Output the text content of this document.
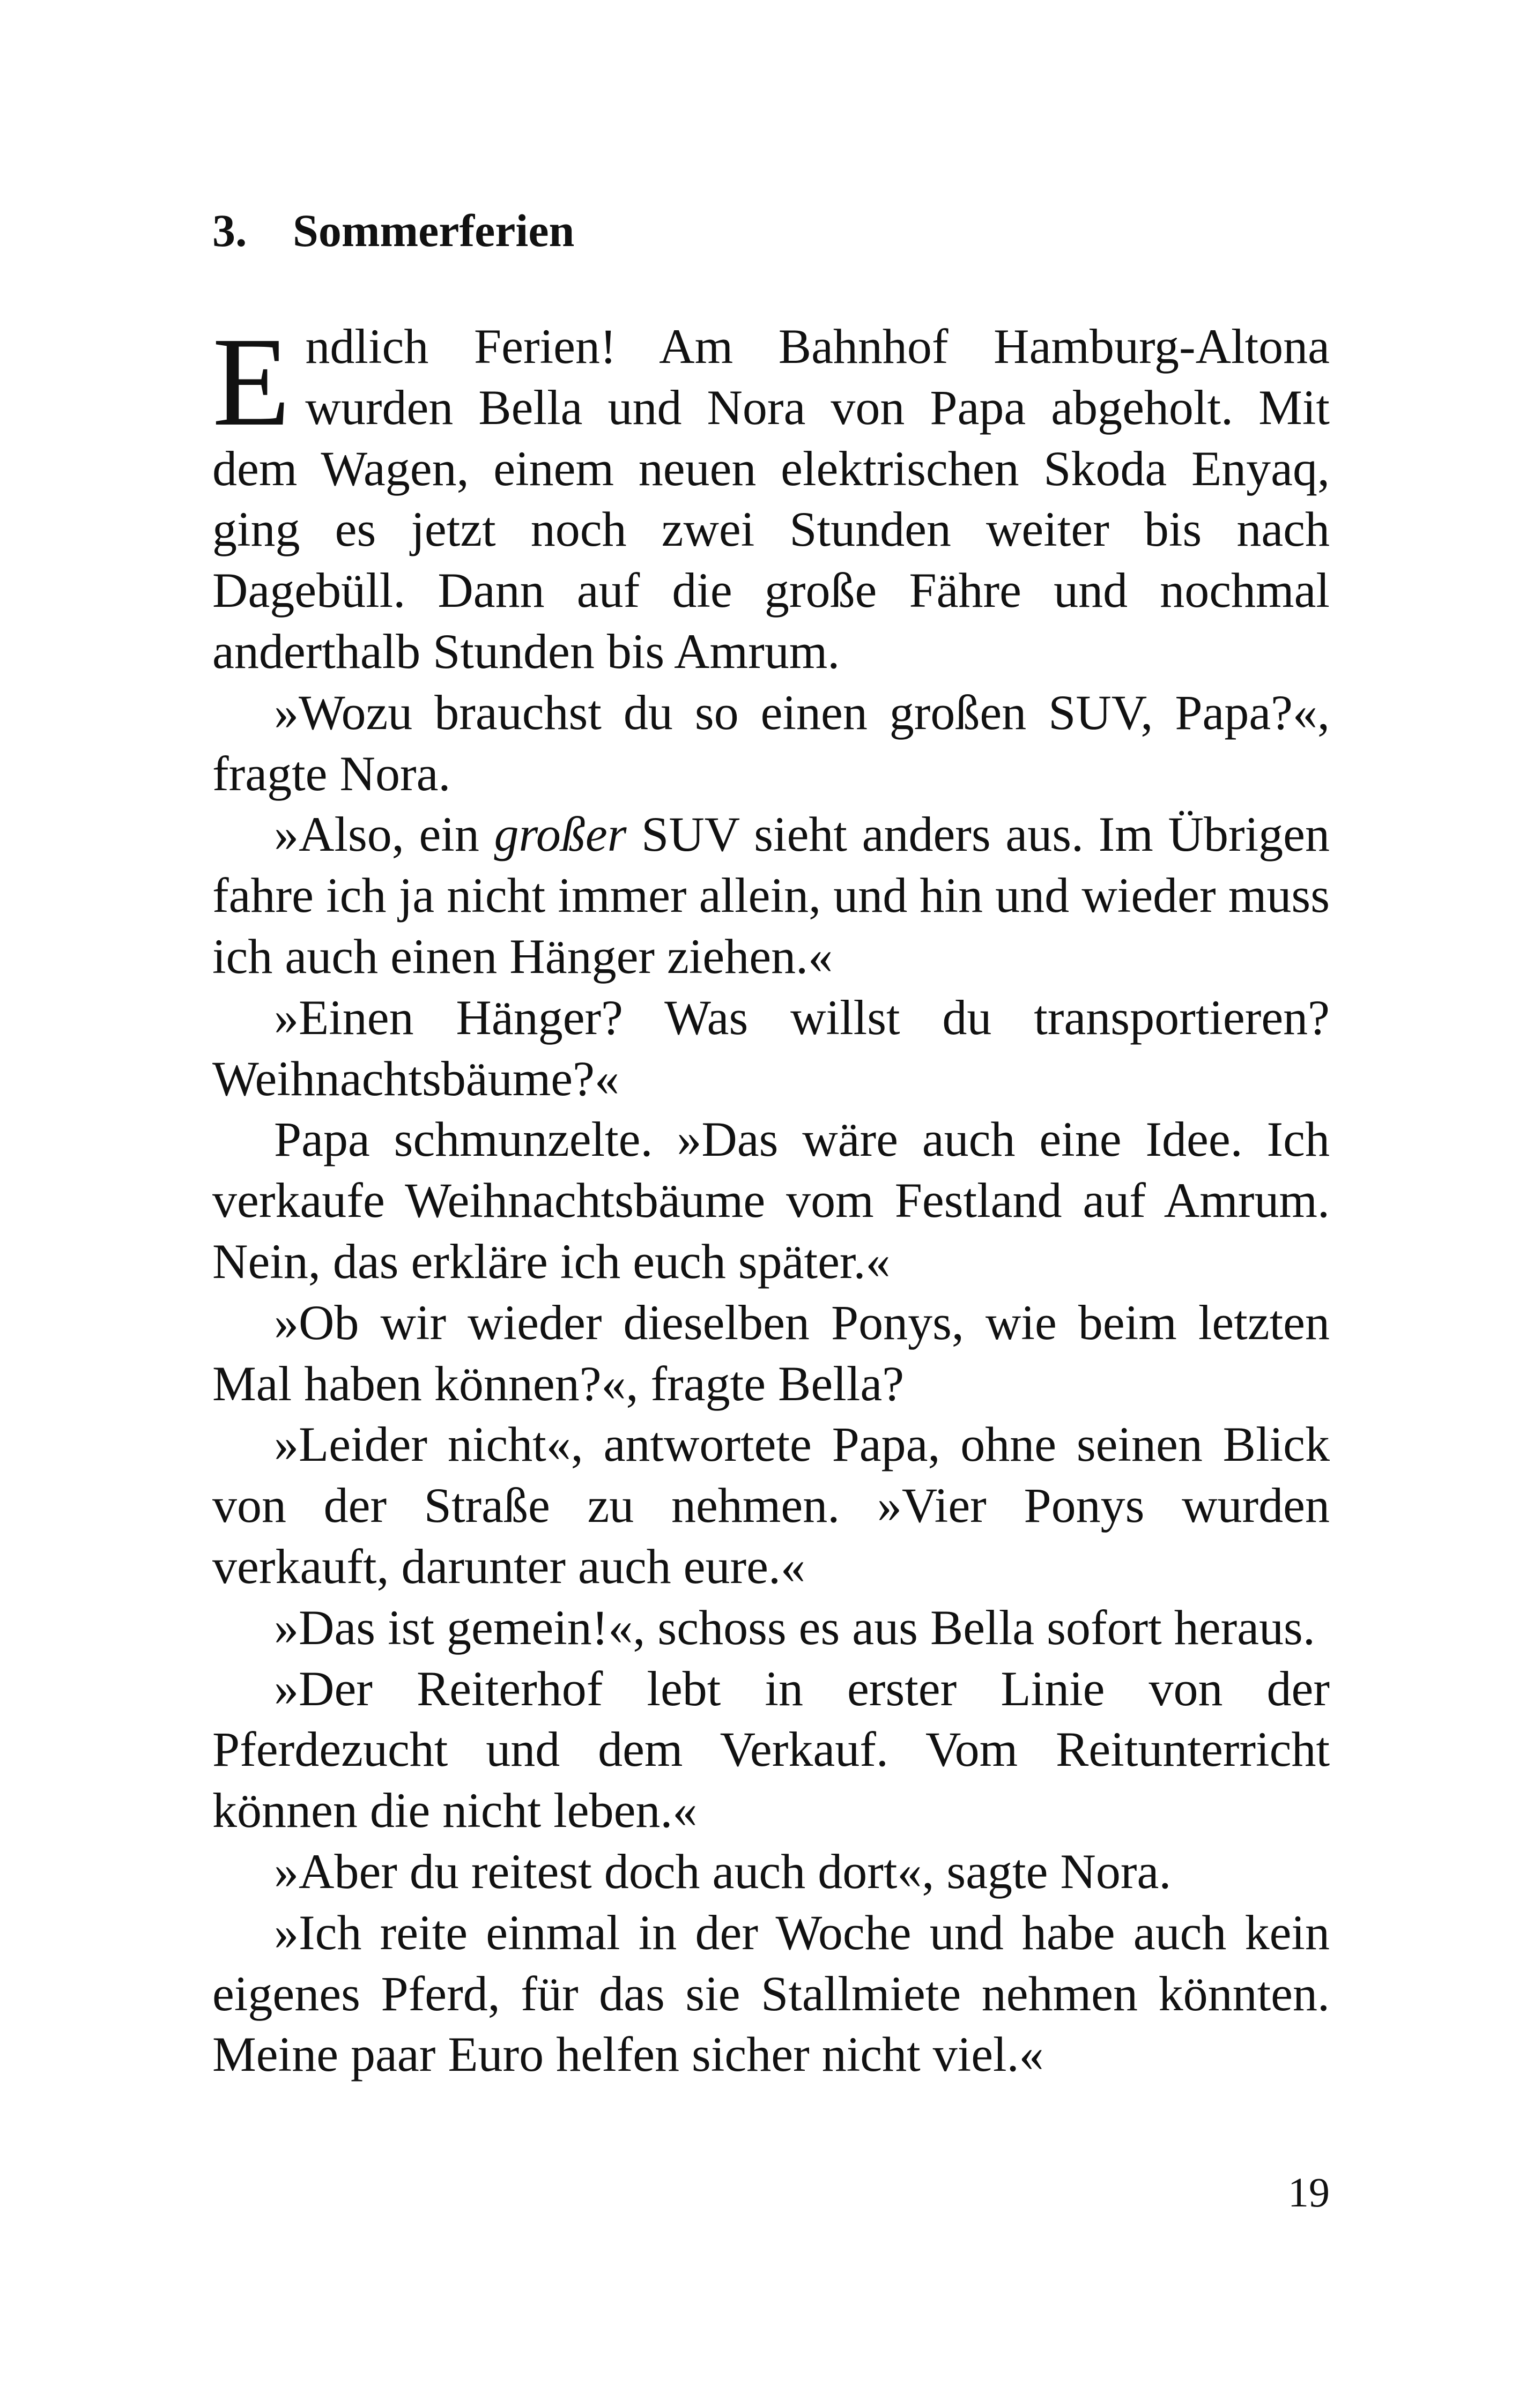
3. Sommerferien

Endlich Ferien! Am Bahnhof Hamburg-Altona wurden Bella und Nora von Papa abgeholt. Mit dem Wagen, einem neuen elektrischen Skoda Enyaq, ging es jetzt noch zwei Stunden weiter bis nach Dagebüll. Dann auf die große Fähre und nochmal anderthalb Stunden bis Amrum.

»Wozu brauchst du so einen großen SUV, Papa?«, fragte Nora.

»Also, ein großer SUV sieht anders aus. Im Übrigen fahre ich ja nicht immer allein, und hin und wieder muss ich auch einen Hänger ziehen.«

»Einen Hänger? Was willst du transportieren? Weihnachtsbäume?«

Papa schmunzelte. »Das wäre auch eine Idee. Ich verkaufe Weihnachtsbäume vom Festland auf Amrum. Nein, das erkläre ich euch später.«

»Ob wir wieder dieselben Ponys, wie beim letzten Mal haben können?«, fragte Bella?

»Leider nicht«, antwortete Papa, ohne seinen Blick von der Straße zu nehmen. »Vier Ponys wurden verkauft, darunter auch eure.«

»Das ist gemein!«, schoss es aus Bella sofort heraus.

»Der Reiterhof lebt in erster Linie von der Pferdezucht und dem Verkauf. Vom Reitunterricht können die nicht leben.«

»Aber du reitest doch auch dort«, sagte Nora.

»Ich reite einmal in der Woche und habe auch kein eigenes Pferd, für das sie Stallmiete nehmen könnten. Meine paar Euro helfen sicher nicht viel.«

19
